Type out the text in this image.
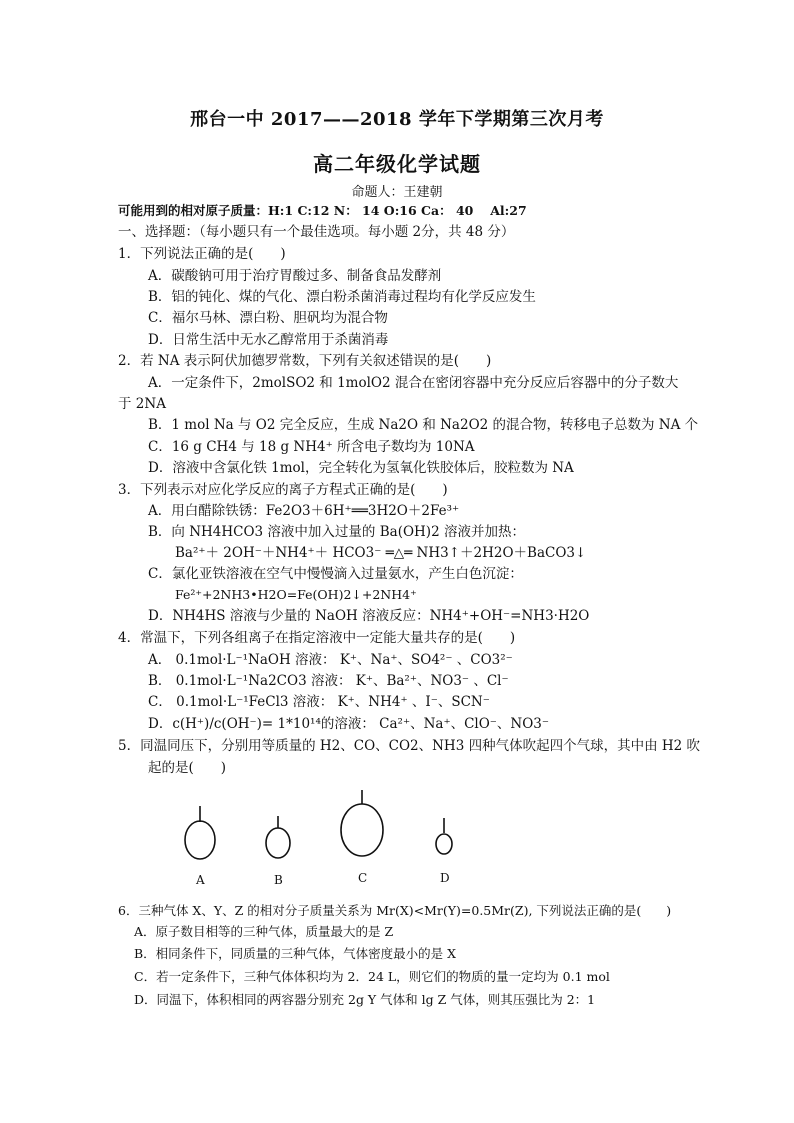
邢台一中 2017——2018 学年下学期第三次月考
高二年级化学试题
命题人：王建朝
可能用到的相对原子质量：H:1 C:12 N： 14 O:16 Ca： 40　 Al:27
一、选择题：（每小题只有一个最佳选项。每小题 2分，共 48 分）
1．下列说法正确的是(　　)
A．碳酸钠可用于治疗胃酸过多、制备食品发酵剂
B．铝的钝化、煤的气化、漂白粉杀菌消毒过程均有化学反应发生
C．福尔马林、漂白粉、胆矾均为混合物
D．日常生活中无水乙醇常用于杀菌消毒
2．若 NA 表示阿伏加德罗常数，下列有关叙述错误的是(　　)
A．一定条件下，2molSO2 和 1molO2 混合在密闭容器中充分反应后容器中的分子数大
于 2NA
B．1 mol Na 与 O2 完全反应，生成 Na2O 和 Na2O2 的混合物，转移电子总数为 NA 个
C．16 g CH4 与 18 g NH4⁺ 所含电子数均为 10NA
D．溶液中含氯化铁 1mol，完全转化为氢氧化铁胶体后，胶粒数为 NA
3．下列表示对应化学反应的离子方程式正确的是(　　)
A．用白醋除铁锈：Fe2O3＋6H⁺══3H2O＋2Fe³⁺
B．向 NH4HCO3 溶液中加入过量的 Ba(OH)2 溶液并加热：
Ba²⁺＋ 2OH⁻＋NH4⁺＋ HCO3⁻ ═△═ NH3↑＋2H2O＋BaCO3↓
C．氯化亚铁溶液在空气中慢慢滴入过量氨水，产生白色沉淀：
Fe²⁺+2NH3•H2O=Fe(OH)2↓+2NH4⁺
D．NH4HS 溶液与少量的 NaOH 溶液反应：NH4⁺+OH⁻=NH3·H2O
4．常温下，下列各组离子在指定溶液中一定能大量共存的是(　　)
A． 0.1mol·L⁻¹NaOH 溶液： K⁺、Na⁺、SO4²⁻ 、CO3²⁻
B． 0.1mol·L⁻¹Na2CO3 溶液： K⁺、Ba²⁺、NO3⁻ 、Cl⁻
C． 0.1mol·L⁻¹FeCl3 溶液： K⁺、NH4⁺ 、I⁻、SCN⁻
D．c(H⁺)/c(OH⁻)= 1*10¹⁴的溶液： Ca²⁺、Na⁺、ClO⁻、NO3⁻
5．同温同压下，分别用等质量的 H2、CO、CO2、NH3 四种气体吹起四个气球，其中由 H2 吹
起的是(　　)
A	B	C	D
6．三种气体 X、Y、Z 的相对分子质量关系为 Mr(X)<Mr(Y)=0.5Mr(Z), 下列说法正确的是(　　)
A．原子数目相等的三种气体，质量最大的是 Z
B．相同条件下，同质量的三种气体，气体密度最小的是 X
C．若一定条件下，三种气体体积均为 2．24 L，则它们的物质的量一定均为 0.1 mol
D．同温下，体积相同的两容器分别充 2g Y 气体和 lg Z 气体，则其压强比为 2：1
